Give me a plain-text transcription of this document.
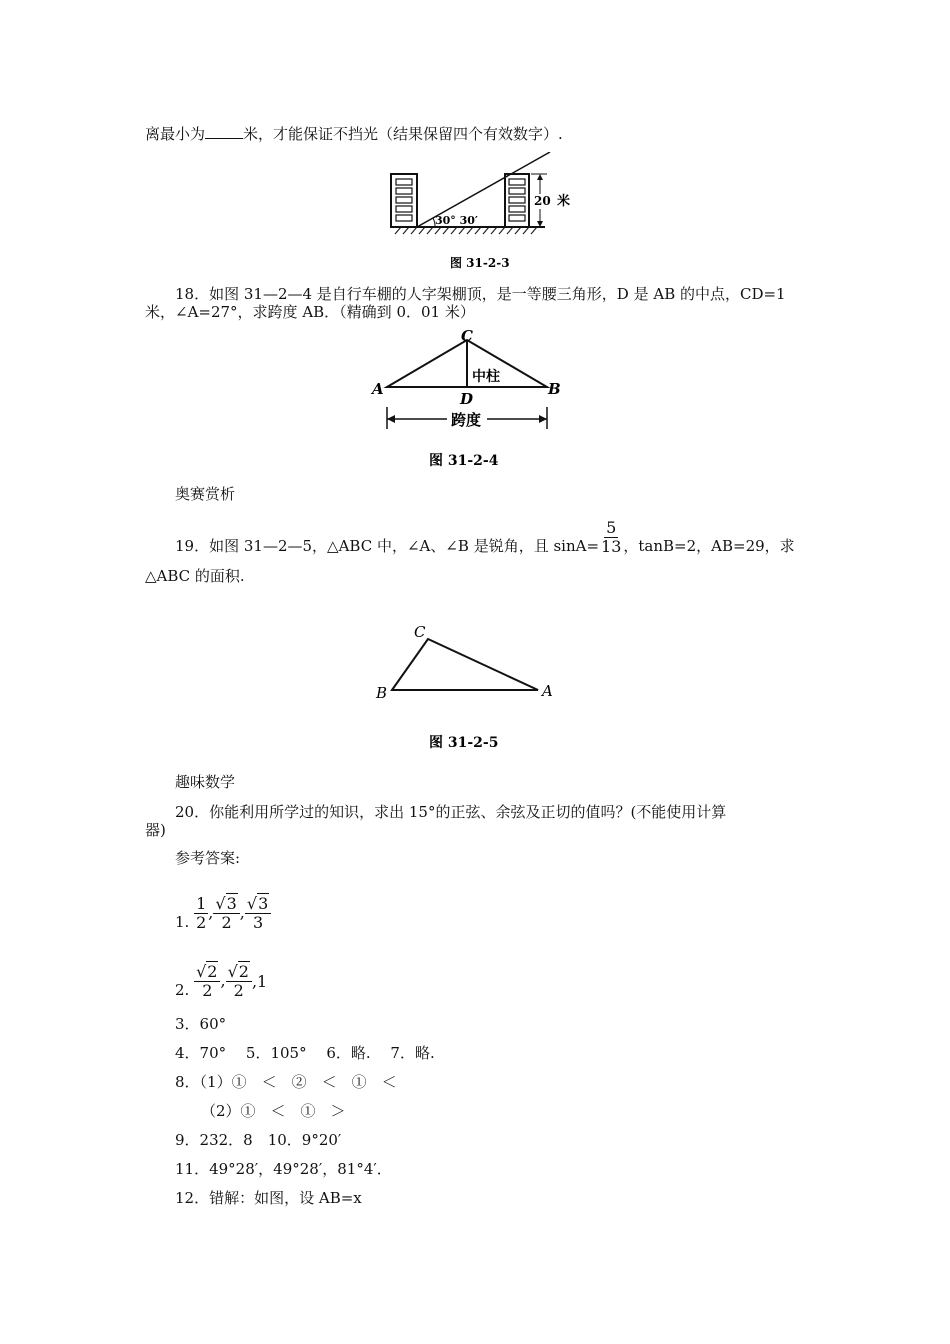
离最小为	米，才能保证不挡光（结果保留四个有效数字）.
30° 30′
20 米
图 31-2-3
18．如图 31—2—4 是自行车棚的人字架棚顶，是一等腰三角形，D 是 AB 的中点，CD=1
米，∠A=27°，求跨度 AB．（精确到 0．01 米）
C
A	B
D
中柱
跨度
图 31-2-4
奥赛赏析
19．如图 31—2—5，△ABC 中，∠A、∠B 是锐角，且 $\sin A= \frac{5}{13}$ ，tanB=2，AB=29，求
△ABC 的面积.
C
B	A
图 31-2-5
趣味数学
20．你能利用所学过的知识，求出 15°的正弦、余弦及正切的值吗？(不能使用计算
器)
参考答案:
1. $\frac{1}{2}$ , $\frac{√3}{2}$ , $\frac{√3}{3}$
2. $\frac{√2}{2}$ , $\frac{√2}{2} ,1$
3．60°
4．70°　 5．105°　 6．略.　 7．略.
8．（1）①　＜　②　＜　①　＜
（2）①　＜　①　＞
9．232．8　10．9°20′
11．49°28′，49°28′，81°4′．
12．错解：如图，设 AB=x
